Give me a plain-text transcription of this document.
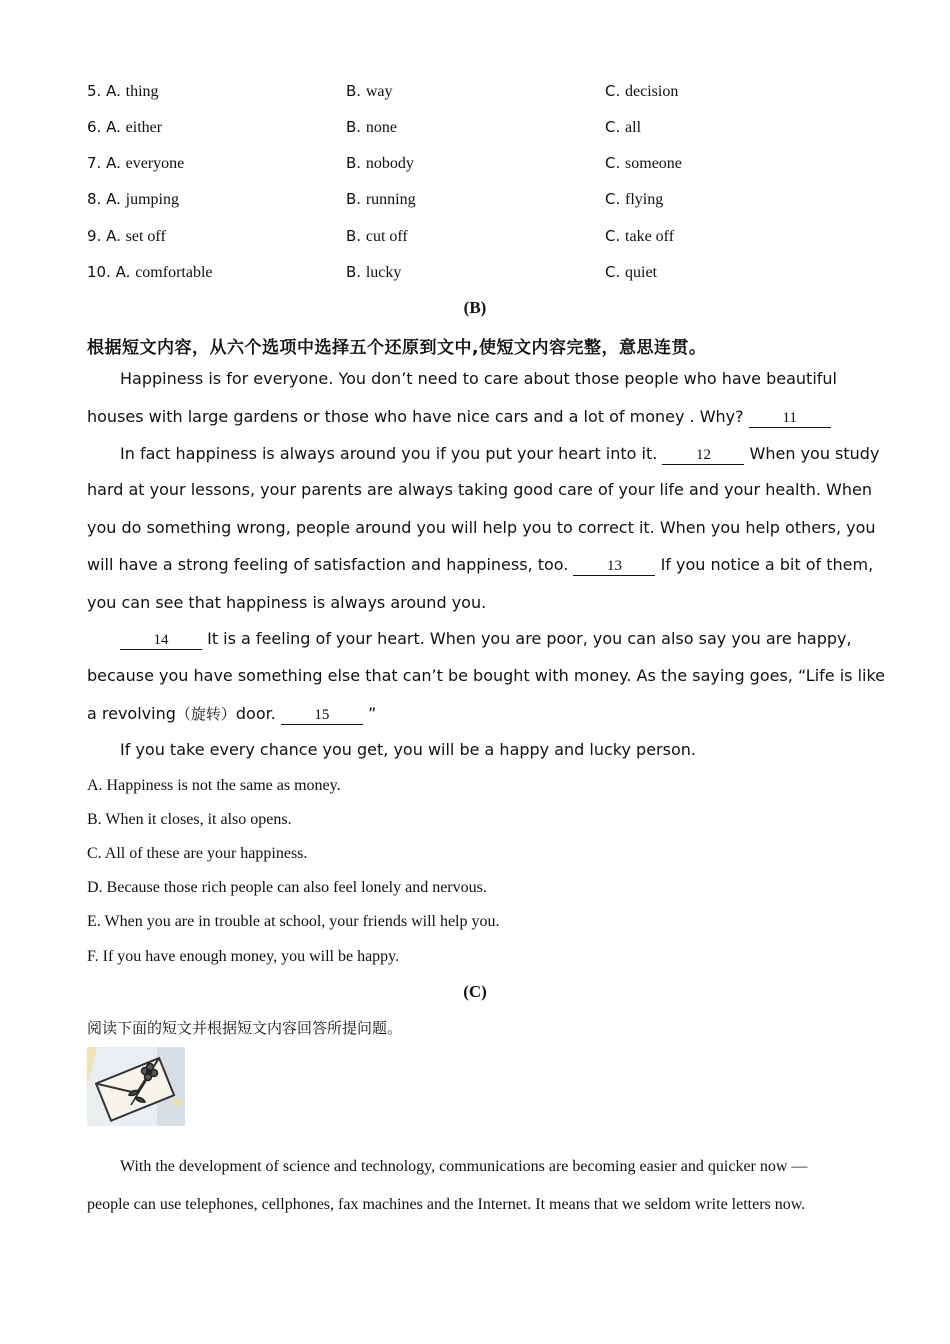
5. A. thing	B. way	C. decision
6. A. either	B. none	C. all
7. A. everyone	B. nobody	C. someone
8. A. jumping	B. running	C. flying
9. A. set off	B. cut off	C. take off
10. A. comfortable	B. lucky	C. quiet
(B)
根据短文内容，从六个选项中选择五个还原到文中,使短文内容完整，意思连贯。
Happiness is for everyone. You don’t need to care about those people who have beautiful
houses with large gardens or those who have nice cars and a lot of money . Why?	11
In fact happiness is always around you if you put your heart into it.	12 When you study
hard at your lessons, your parents are always taking good care of your life and your health. When
you do something wrong, people around you will help you to correct it. When you help others, you
will have a strong feeling of satisfaction and happiness, too.	13 If you notice a bit of them,
you can see that happiness is always around you.
14 It is a feeling of your heart. When you are poor, you can also say you are happy,
because you have something else that can’t be bought with money. As the saying goes, “Life is like
a revolving（旋转）door.	15 ”
If you take every chance you get, you will be a happy and lucky person.
A. Happiness is not the same as money.
B. When it closes, it also opens.
C. All of these are your happiness.
D. Because those rich people can also feel lonely and nervous.
E. When you are in trouble at school, your friends will help you.
F. If you have enough money, you will be happy.
(C)
阅读下面的短文并根据短文内容回答所提问题。
With the development of science and technology, communications are becoming easier and quicker now —
people can use telephones, cellphones, fax machines and the Internet. It means that we seldom write letters now.
